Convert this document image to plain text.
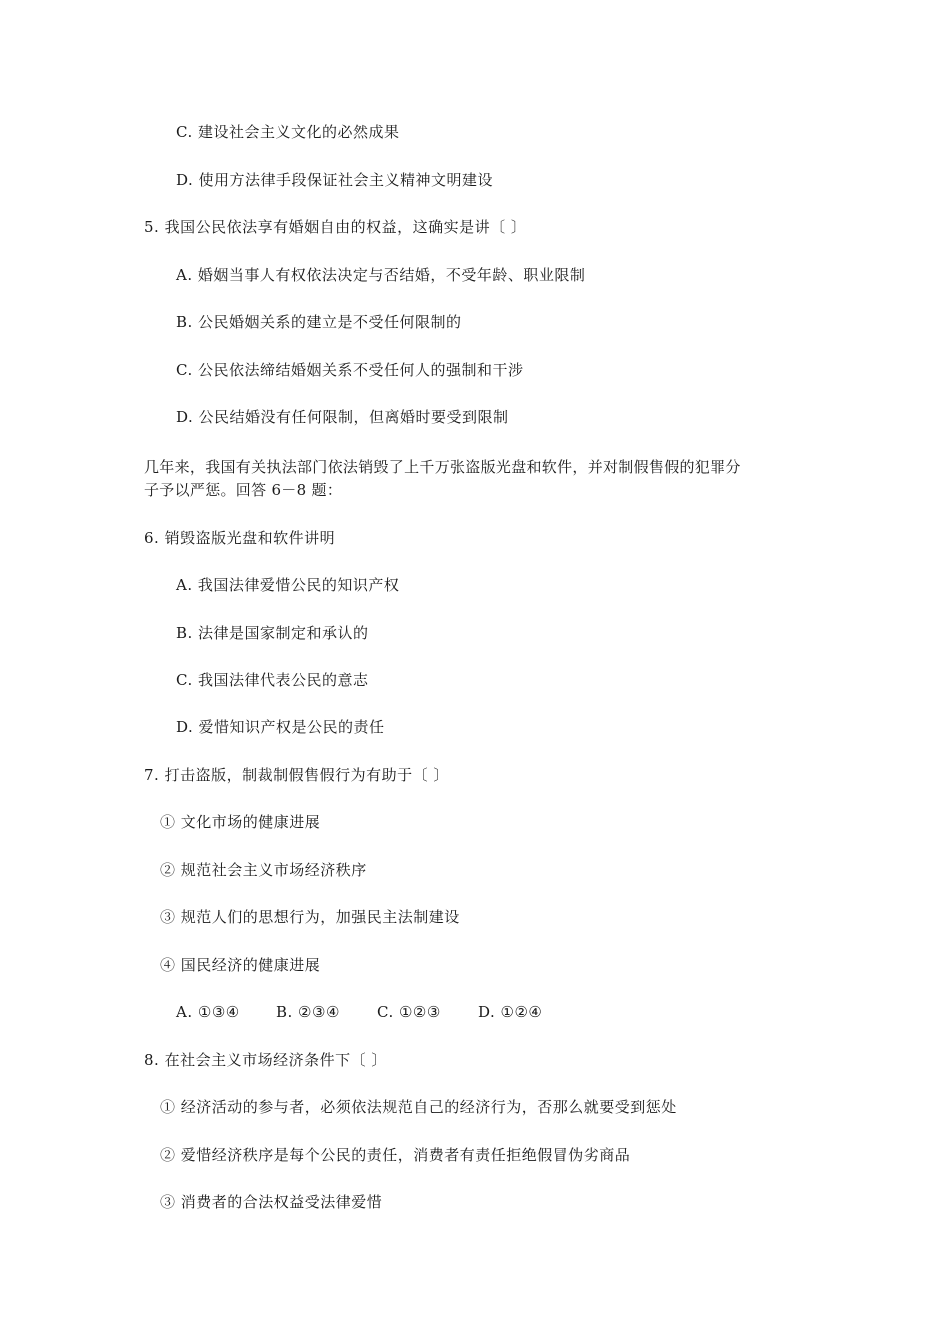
C. 建设社会主义文化的必然成果
D. 使用方法律手段保证社会主义精神文明建设
5. 我国公民依法享有婚姻自由的权益，这确实是讲〔 〕
A. 婚姻当事人有权依法决定与否结婚，不受年龄、职业限制
B. 公民婚姻关系的建立是不受任何限制的
C. 公民依法缔结婚姻关系不受任何人的强制和干涉
D. 公民结婚没有任何限制，但离婚时要受到限制
几年来，我国有关执法部门依法销毁了上千万张盗版光盘和软件，并对制假售假的犯罪分
子予以严惩。回答 6－8 题：
6. 销毁盗版光盘和软件讲明
A. 我国法律爱惜公民的知识产权
B. 法律是国家制定和承认的
C. 我国法律代表公民的意志
D. 爱惜知识产权是公民的责任
7. 打击盗版，制裁制假售假行为有助于〔 〕
① 文化市场的健康进展
② 规范社会主义市场经济秩序
③ 规范人们的思想行为，加强民主法制建设
④ 国民经济的健康进展
A. ①③④ B. ②③④ C. ①②③ D. ①②④
8. 在社会主义市场经济条件下〔 〕
① 经济活动的参与者，必须依法规范自己的经济行为，否那么就要受到惩处
② 爱惜经济秩序是每个公民的责任，消费者有责任拒绝假冒伪劣商品
③ 消费者的合法权益受法律爱惜
